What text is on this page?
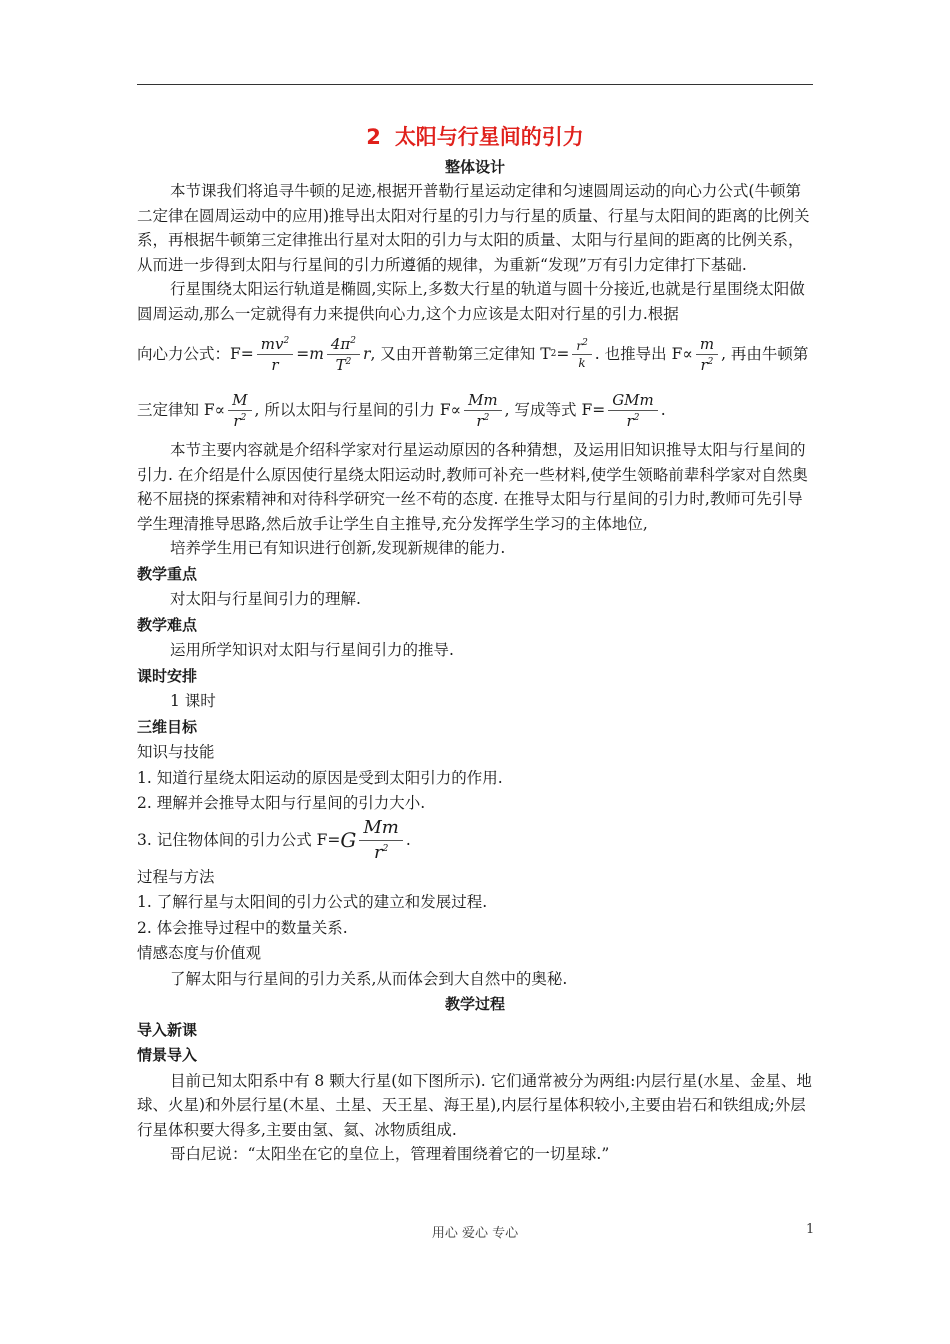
2 太阳与行星间的引力
整体设计

本节课我们将追寻牛顿的足迹,根据开普勒行星运动定律和匀速圆周运动的向心力公式(牛顿第二定律在圆周运动中的应用)推导出太阳对行星的引力与行星的质量、行星与太阳间的距离的比例关系，再根据牛顿第三定律推出行星对太阳的引力与太阳的质量、太阳与行星间的距离的比例关系，从而进一步得到太阳与行星间的引力所遵循的规律，为重新“发现”万有引力定律打下基础.

行星围绕太阳运行轨道是椭圆,实际上,多数大行星的轨道与圆十分接近,也就是行星围绕太阳做圆周运动,那么一定就得有力来提供向心力,这个力应该是太阳对行星的引力.根据

向心力公式：$F= \frac{mv^2}{r} = m \frac{4\pi^2}{T^2}$ r , 又由开普勒第三定律知 T $2 = \frac{r^2}{k}$ . 也推导出 $F\propto \frac{m}{r^2}$ , 再由牛顿第
三定律知 $F\propto \frac{M}{r^2}$ , 所以太阳与行星间的引力 $F\propto \frac{Mm}{r^2}$ , 写成等式 $F= \frac{\text{GMm}}{r^2}$ .

本节主要内容就是介绍科学家对行星运动原因的各种猜想，及运用旧知识推导太阳与行星间的引力. 在介绍是什么原因使行星绕太阳运动时,教师可补充一些材料,使学生领略前辈科学家对自然奥秘不屈挠的探索精神和对待科学研究一丝不苟的态度. 在推导太阳与行星间的引力时,教师可先引导学生理清推导思路,然后放手让学生自主推导,充分发挥学生学习的主体地位,

培养学生用已有知识进行创新,发现新规律的能力.

教学重点

对太阳与行星间引力的理解.

教学难点

运用所学知识对太阳与行星间引力的推导.

课时安排

1 课时

三维目标

知识与技能

1. 知道行星绕太阳运动的原因是受到太阳引力的作用.

2. 理解并会推导太阳与行星间的引力大小.

3. 记住物体间的引力公式 F= G $\frac{Mm}{r^2}$ .

过程与方法

1. 了解行星与太阳间的引力公式的建立和发展过程.

2. 体会推导过程中的数量关系.

情感态度与价值观

了解太阳与行星间的引力关系,从而体会到大自然中的奥秘.

教学过程
导入新课
情景导入

目前已知太阳系中有 8 颗大行星(如下图所示). 它们通常被分为两组:内层行星(水星、金星、地球、火星)和外层行星(木星、土星、天王星、海王星),内层行星体积较小,主要由岩石和铁组成;外层行星体积要大得多,主要由氢、氦、冰物质组成.

哥白尼说：“太阳坐在它的皇位上，管理着围绕着它的一切星球.”

用心 爱心 专心	1
